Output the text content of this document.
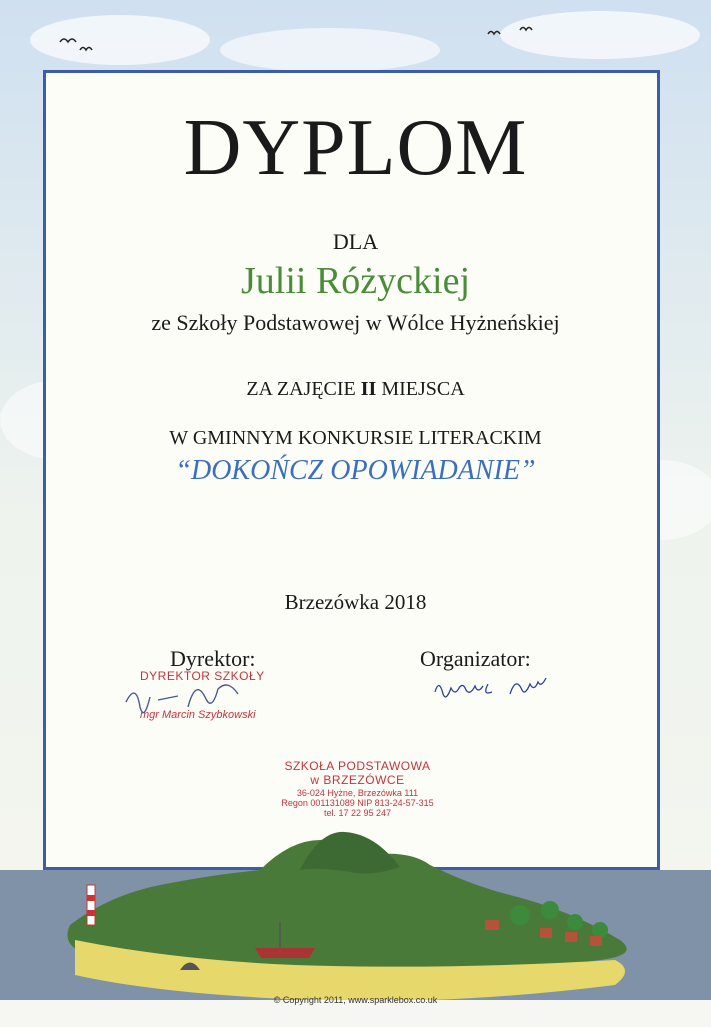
DYPLOM
DLA
Julii Różyckiej
ze Szkoły Podstawowej w Wólce Hyżneńskiej
ZA ZAJĘCIE II MIEJSCA
W GMINNYM KONKURSIE LITERACKIM
“DOKOŃCZ OPOWIADANIE”
Brzezówka 2018
Dyrektor:	Organizator:
DYREKTOR SZKOŁY
mgr Marcin Szybkowski
SZKOŁA PODSTAWOWA
w BRZEZÓWCE
36-024 Hyżne, Brzezówka 111
Regon 001131089 NIP 813-24-57-315
tel. 17 22 95 247
© Copyright 2011, www.sparklebox.co.uk
